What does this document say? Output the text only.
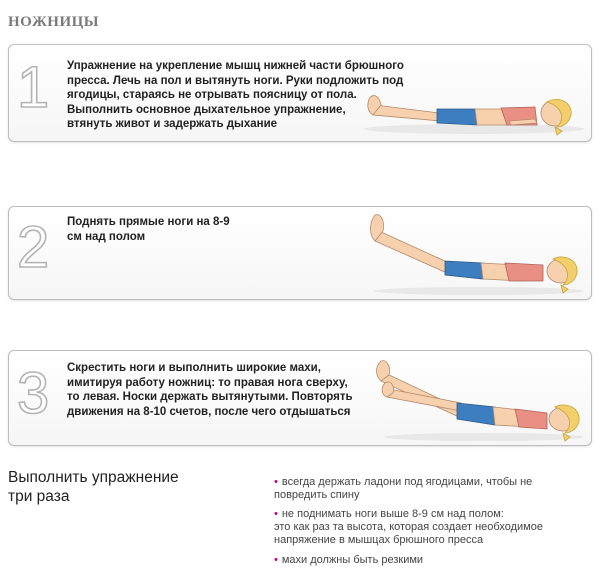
НОЖНИЦЫ
1 Упражнение на укрепление мышц нижней части брюшного
пресса. Лечь на пол и вытянуть ноги. Руки подложить под
ягодицы, стараясь не отрывать поясницу от пола.
Выполнить основное дыхательное упражнение,
втянуть живот и задержать дыхание
2 Поднять прямые ноги на 8-9
см над полом
3 Скрестить ноги и выполнить широкие махи,
имитируя работу ножниц: то правая нога сверху,
то левая. Носки держать вытянутыми. Повторять
движения на 8-10 счетов, после чего отдышаться
Выполнить упражнение
три раза
• всегда держать ладони под ягодицами, чтобы не
повредить спину
• не поднимать ноги выше 8-9 см над полом:
это как раз та высота, которая создает необходимое
напряжение в мышцах брюшного пресса
• махи должны быть резкими
